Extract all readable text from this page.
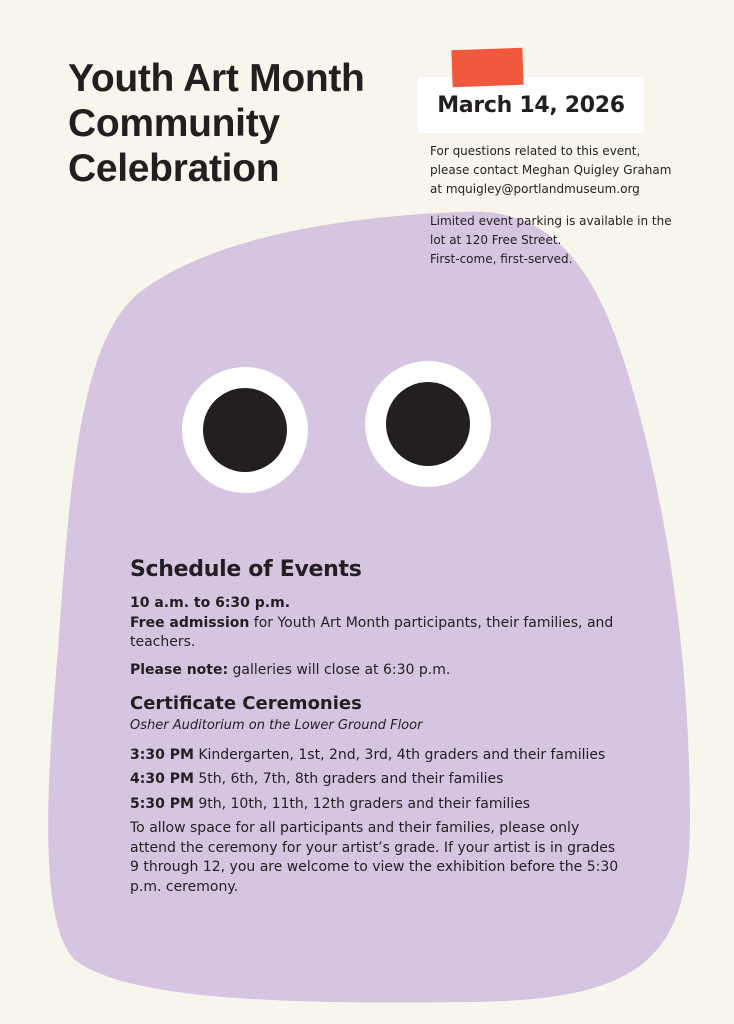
Youth Art Month
Community
Celebration
March 14, 2026

For questions related to this event,
please contact Meghan Quigley Graham
at mquigley@portlandmuseum.org

Limited event parking is available in the
lot at 120 Free Street.
First-come, first-served.

Schedule of Events

10 a.m. to 6:30 p.m.
Free admission for Youth Art Month participants, their families, and teachers.

Please note: galleries will close at 6:30 p.m.

Certificate Ceremonies

Osher Auditorium on the Lower Ground Floor

3:30 PM Kindergarten, 1st, 2nd, 3rd, 4th graders and their families

4:30 PM 5th, 6th, 7th, 8th graders and their families

5:30 PM 9th, 10th, 11th, 12th graders and their families

To allow space for all participants and their families, please only attend the ceremony for your artist’s grade. If your artist is in grades 9 through 12, you are welcome to view the exhibition before the 5:30 p.m. ceremony.
